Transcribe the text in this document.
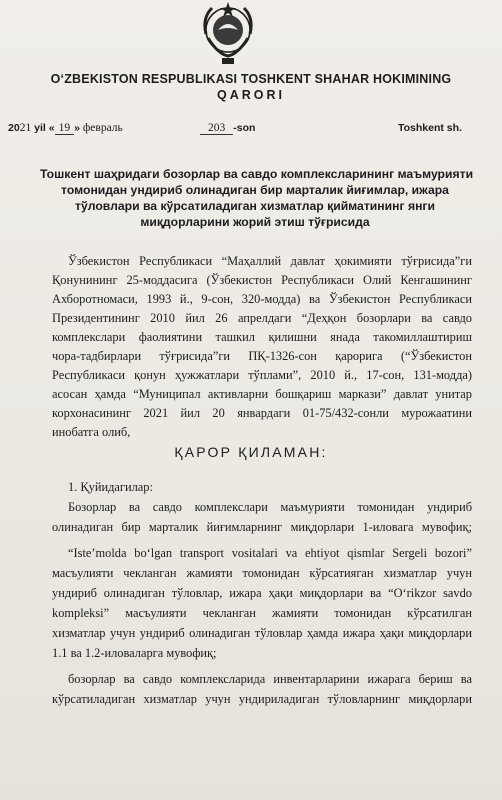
O‘ZBEKISTON RESPUBLIKASI TOSHKENT SHAHAR HOKIMINING
QARORI
2021 yil « 19 » февраль	203 -son	Toshkent sh.
Тошкент шаҳридаги бозорлар ва савдо комплексларининг маъмурияти
томонидан ундириб олинадиган бир марталик йиғимлар, ижара
тўловлари ва кўрсатиладиган хизматлар қийматининг янги
миқдорларини жорий этиш тўғрисида
Ўзбекистон Республикаси “Маҳаллий давлат ҳокимияти тўғрисида”ги
Қонунининг 25-моддасига (Ўзбекистон Республикаси Олий Кенгашининг
Ахборотномаси, 1993 й., 9-сон, 320-модда) ва Ўзбекистон Республикаси
Президентининг 2010 йил 26 апрелдаги “Деҳқон бозорлари ва савдо
комплекслари фаолиятини ташкил қилишни янада такомиллаштириш
чора-тадбирлари тўғрисида”ги ПҚ-1326-сон қарорига (“Ўзбекистон
Республикаси қонун ҳужжатлари тўплами”, 2010 й., 17-сон, 131-модда)
асосан ҳамда “Муниципал активларни бошқариш маркази” давлат унитар
корхонасининг 2021 йил 20 январдаги 01-75/432-сонли мурожаатини
инобатга олиб,
ҚАРОР ҚИЛАМАН:
1. Қуйидагилар:
Бозорлар ва савдо комплекслари маъмурияти томонидан ундириб
олинадиган бир марталик йиғимларнинг миқдорлари 1-иловага мувофиқ;
“Iste’molda bo‘lgan transport vositalari va ehtiyot qismlar Sergeli bozori”
масъулияти чекланган жамияти томонидан кўрсатияган хизматлар учун
ундириб олинадиган тўловлар, ижара ҳақи миқдорлари ва “O‘rikzor savdo
kompleksi” масъулияти чекланган жамияти томонидан кўрсатилган
хизматлар учун ундириб олинадиган тўловлар ҳамда ижара ҳақи миқдорлари
1.1 ва 1.2-иловаларга мувофиқ;
бозорлар ва савдо комплексларида инвентарларини ижарага бериш ва
кўрсатиладиган хизматлар учун ундириладиган тўловларнинг миқдорлари
